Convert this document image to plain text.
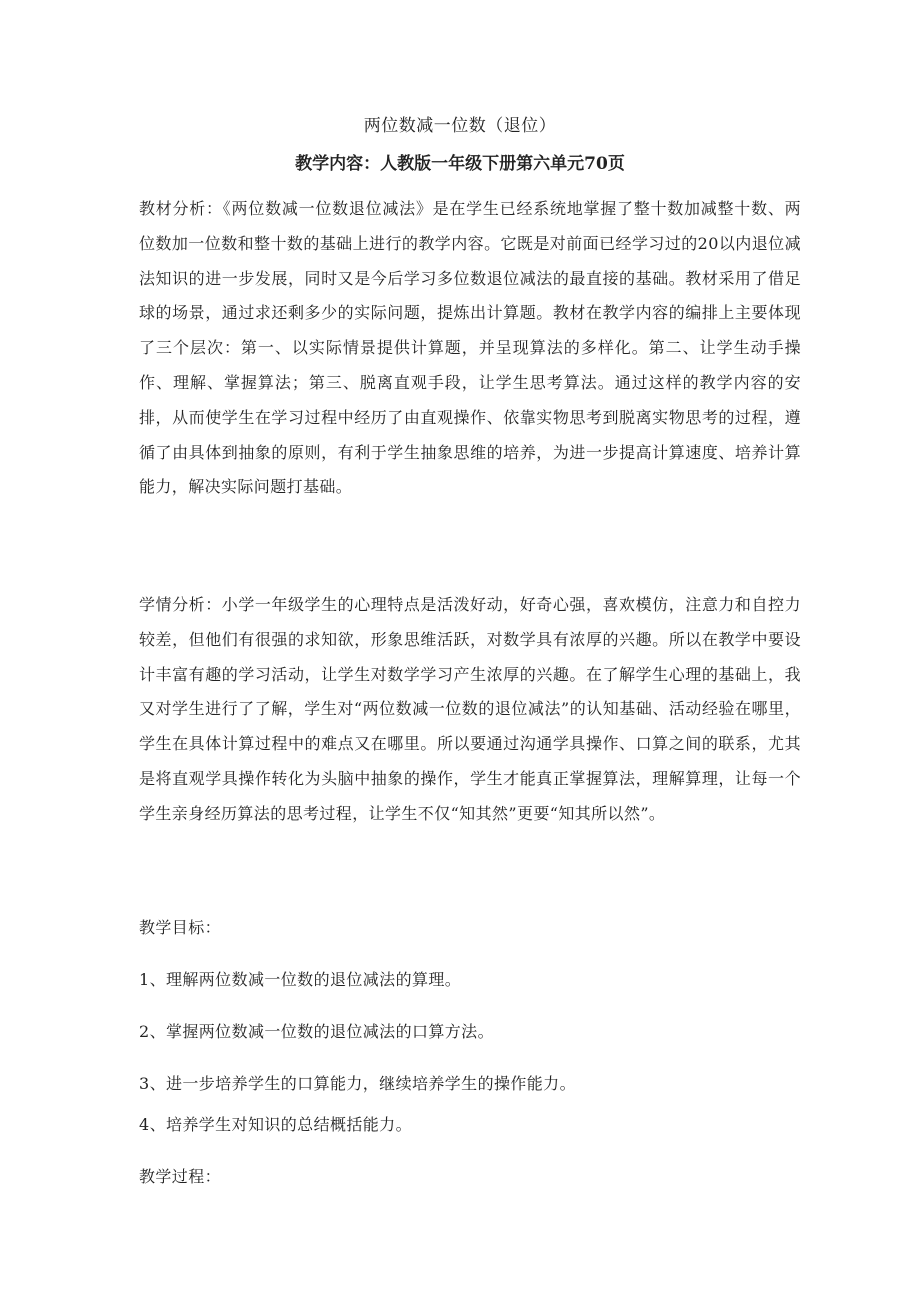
两位数减一位数（退位）
教学内容：人教版一年级下册第六单元70页

教材分析：《两位数减一位数退位减法》是在学生已经系统地掌握了整十数加减整十数、两位数加一位数和整十数的基础上进行的教学内容。它既是对前面已经学习过的20以内退位减法知识的进一步发展，同时又是今后学习多位数退位减法的最直接的基础。教材采用了借足球的场景，通过求还剩多少的实际问题，提炼出计算题。教材在教学内容的编排上主要体现了三个层次：第一、以实际情景提供计算题，并呈现算法的多样化。第二、让学生动手操作、理解、掌握算法；第三、脱离直观手段，让学生思考算法。通过这样的教学内容的安排，从而使学生在学习过程中经历了由直观操作、依靠实物思考到脱离实物思考的过程，遵循了由具体到抽象的原则，有利于学生抽象思维的培养，为进一步提高计算速度、培养计算能力，解决实际问题打基础。

学情分析：小学一年级学生的心理特点是活泼好动，好奇心强，喜欢模仿，注意力和自控力较差，但他们有很强的求知欲，形象思维活跃，对数学具有浓厚的兴趣。所以在教学中要设计丰富有趣的学习活动，让学生对数学学习产生浓厚的兴趣。在了解学生心理的基础上，我又对学生进行了了解，学生对“两位数减一位数的退位减法”的认知基础、活动经验在哪里，学生在具体计算过程中的难点又在哪里。所以要通过沟通学具操作、口算之间的联系，尤其是将直观学具操作转化为头脑中抽象的操作，学生才能真正掌握算法，理解算理，让每一个学生亲身经历算法的思考过程，让学生不仅“知其然”更要“知其所以然”。

教学目标：

1、理解两位数减一位数的退位减法的算理。

2、掌握两位数减一位数的退位减法的口算方法。

3、进一步培养学生的口算能力，继续培养学生的操作能力。

4、培养学生对知识的总结概括能力。

教学过程：
